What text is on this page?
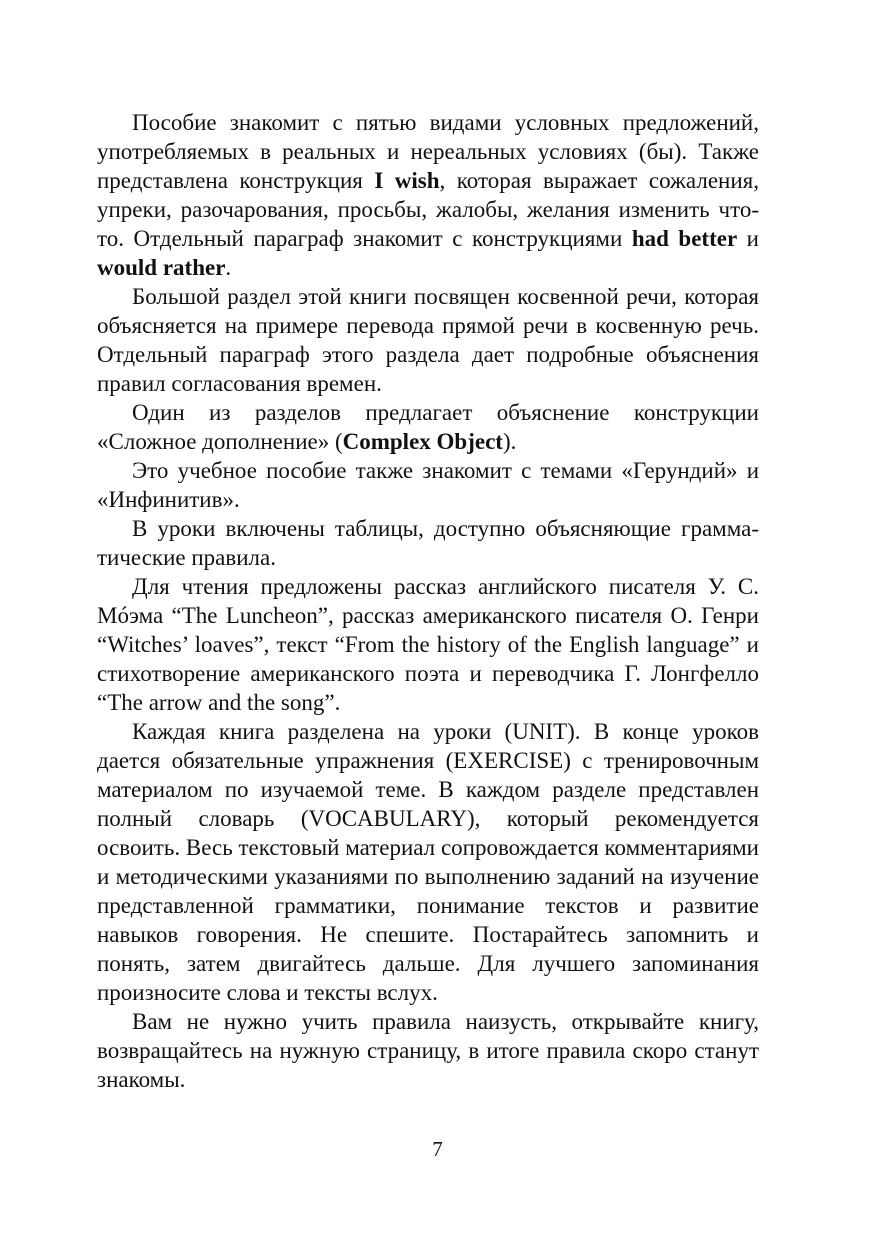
Пособие знакомит с пятью видами условных предложений, употребляемых в реальных и нереальных условиях (бы). Также представлена конструкция I wish, которая выражает сожаления, упреки, разочарования, просьбы, жалобы, желания изменить что-то. Отдельный параграф знакомит с конструкциями had better и would rather.

Большой раздел этой книги посвящен косвенной речи, которая объясняется на примере перевода прямой речи в косвенную речь. Отдельный параграф этого раздела дает подробные объяснения правил согласования времен.

Один из разделов предлагает объяснение конструкции «Сложное дополнение» (Complex Object).

Это учебное пособие также знакомит с темами «Герундий» и «Инфинитив».

В уроки включены таблицы, доступно объясняющие грамматические правила.

Для чтения предложены рассказ английского писателя У. С. Мóэма “The Luncheon”, рассказ американского писателя О. Генри “Witches’ loaves”, текст “From the history of the English language” и стихотворение американского поэта и переводчика Г. Лонгфелло “The arrow and the song”.

Каждая книга разделена на уроки (UNIT). В конце уроков дается обязательные упражнения (EXERCISE) с тренировочным материалом по изучаемой теме. В каждом разделе представлен полный словарь (VOCABULARY), который рекомендуется освоить. Весь текстовый материал сопровождается комментариями и методическими указаниями по выполнению заданий на изучение представленной грамматики, понимание текстов и развитие навыков говорения. Не спешите. Постарайтесь запомнить и понять, затем двигайтесь дальше. Для лучшего запоминания произносите слова и тексты вслух.

Вам не нужно учить правила наизусть, открывайте книгу, возвращайтесь на нужную страницу, в итоге правила скоро станут знакомы.

7
